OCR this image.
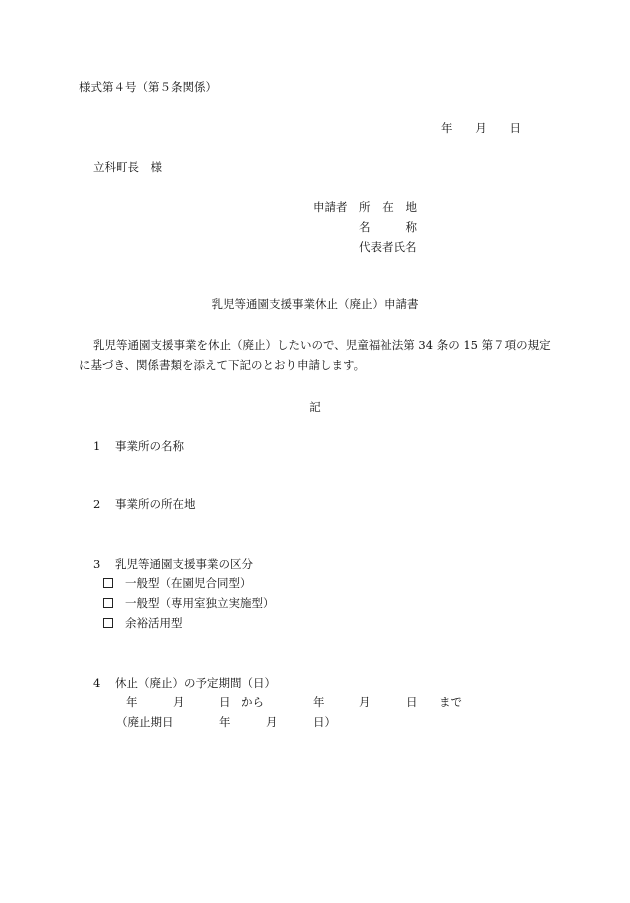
様式第４号（第５条関係）
年 月 日
立科町長　様
申請者 所 在 地
名	称
代表者氏名
乳児等通園支援事業休止（廃止）申請書
乳児等通園支援事業を休止（廃止）したいので、児童福祉法第 34 条の 15 第７項の規定
に基づき、関係書類を添えて下記のとおり申請します。
記
1 事業所の名称
2 事業所の所在地
3 乳児等通園支援事業の区分
一般型（在園児合同型）
一般型（専用室独立実施型）
余裕活用型
4 休止（廃止）の予定期間（日）
年	月	日 から	年	月	日 まで
（廃止期日	年	月	日）
